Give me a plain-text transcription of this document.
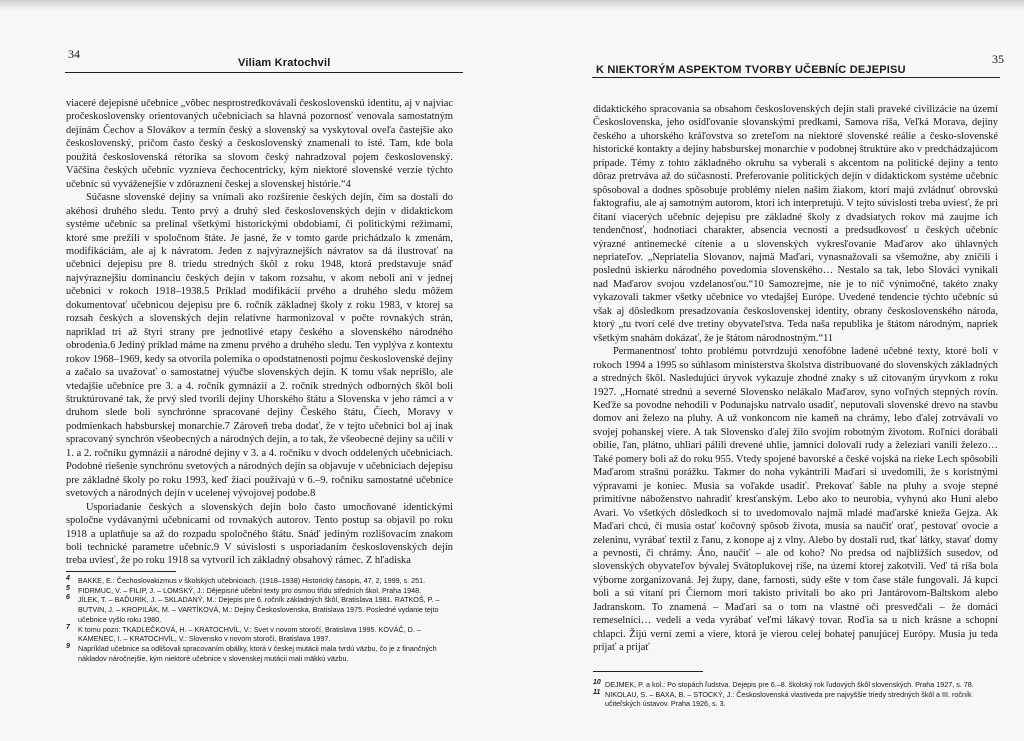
34
Viliam Kratochvil

viaceré dejepisné učebnice „vôbec nesprostredkovávali československú identitu, aj v najviac pročeskoslovensky orientovaných učebniciach sa hlavná pozornosť venovala samostatným dejinám Čechov a Slovákov a termín český a slovenský sa vyskytoval oveľa častejšie ako československý, pričom často český a československý znamenali to isté. Tam, kde bola použitá československá rétorika sa slovom český nahradzoval pojem československý. Väčšina českých učebníc vyznieva čechocentricky, kým niektoré slovenské verzie týchto učebníc sú vyváženejšie v zdôraznení českej a slovenskej histórie.“4

Súčasne slovenské dejiny sa vnímali ako rozšírenie českých dejín, čím sa dostali do akéhosi druhého sledu. Tento prvý a druhý sled československých dejín v didaktickom systéme učebníc sa prelínal všetkými historickými obdobiami, či politickými režimami, ktoré sme prežili v spoločnom štáte. Je jasné, že v tomto garde prichádzalo k zmenám, modifikáciám, ale aj k návratom. Jeden z najvýraznejších návratov sa dá ilustrovať na učebnici dejepisu pre 8. triedu stredných škôl z roku 1948, ktorá predstavuje snáď najvýraznejšiu dominanciu českých dejín v takom rozsahu, v akom neboli ani v jednej učebnici v rokoch 1918–1938.5 Príklad modifikácií prvého a druhého sledu môžem dokumentovať učebnicou dejepisu pre 6. ročník základnej školy z roku 1983, v ktorej sa rozsah českých a slovenských dejín relatívne harmonizoval v počte rovnakých strán, napriklad tri až štyri strany pre jednotlivé etapy českého a slovenského národného obrodenia.6 Jediný príklad máme na zmenu prvého a druhého sledu. Ten vyplýva z kontextu rokov 1968–1969, kedy sa otvorila polemika o opodstatnenosti pojmu československé dejiny a začalo sa uvažovať o samostatnej výučbe slovenských dejín. K tomu však neprišlo, ale vtedajšie učebnice pre 3. a 4. ročník gymnázií a 2. ročník stredných odborných škôl boli štruktúrované tak, že prvý sled tvorili dejiny Uhorského štátu a Slovenska v jeho rámci a v druhom slede boli synchrónne spracované dejiny Českého štátu, Čiech, Moravy v podmienkach habsburskej monarchie.7 Zároveň treba dodať, že v tejto učebnici bol aj inak spracovaný synchrón všeobecných a národných dejín, a to tak, že všeobecné dejiny sa učili v 1. a 2. ročníku gymnázií a národné dejiny v 3. a 4. ročníku v dvoch oddelených učebniciach. Podobné riešenie synchrónu svetových a národných dejín sa objavuje v učebniciach dejepisu pre základné školy po roku 1993, keď žiaci používajú v 6.–9. ročníku samostatné učebnice svetových a národných dejín v ucelenej vývojovej podobe.8

Usporiadanie českých a slovenských dejín bolo často umocňované identickými spoločne vydávanými učebnicami od rovnakých autorov. Tento postup sa objavil po roku 1918 a uplatňuje sa až do rozpadu spoločného štátu. Snáď jediným rozlišovacím znakom boli technické parametre učebníc.9 V súvislosti s usporiadaním československých dejín treba uviesť, že po roku 1918 sa vytvoril ich základný obsahový rámec. Z hľadiska

4 BAKKE, E.: Čechoslovakizmus v školských učebniciach. (1918–1938) Historický časopis, 47, 2, 1999, s. 251.
5 FIDRMUC, V. – FILIP, J. – LOMSKÝ, J.: Dějepisné učební texty pro osmou třídu středních škol. Praha 1948.
6 JÍLEK, T. – BAĎURÍK, J. – SKLADANÝ, M.: Dejepis pre 6. ročník základných škôl, Bratislava 1981. RATKOŠ, P. – BUTVIN, J. – KROPILÁK, M. – VARTÍKOVÁ, M.: Dejiny Československa, Bratislava 1975. Posledné vydanie tejto učebnice vyšlo roku 1980.
7 K tomu pozri: TKADLEČKOVÁ, H. – KRATOCHVÍL, V.: Svet v novom storočí, Bratislava 1995. KOVÁČ, D. – KAMENEC, I. – KRATOCHVÍL, V.: Slovensko v novom storočí, Bratislava 1997.
9 Napríklad učebnice sa odlišovali spracovaním obálky, ktorá v českej mutácii mala tvrdú väzbu, čo je z finančných nákladov náročnejšie, kým niektoré učebnice v slovenskej mutácii mali mäkkú väzbu.
35
K NIEKTORÝM ASPEKTOM TVORBY UČEBNÍC DEJEPISU

didaktického spracovania sa obsahom československých dejín stali praveké civilizácie na území Československa, jeho osídľovanie slovanskými predkami, Samova ríša, Veľká Morava, dejiny českého a uhorského kráľovstva so zreteľom na niektoré slovenské reálie a česko-slovenské historické kontakty a dejiny habsburskej monarchie v podobnej štruktúre ako v predchádzajúcom prípade. Témy z tohto základného okruhu sa vyberali s akcentom na politické dejiny a tento dôraz pretrváva až do súčasnosti. Preferovanie politických dejín v didaktickom systéme učebníc spôsoboval a dodnes spôsobuje problémy nielen našim žiakom, ktorí majú zvládnuť obrovskú faktografiu, ale aj samotným autorom, ktorí ich interpretujú. V tejto súvislosti treba uviesť, že pri čítaní viacerých učebníc dejepisu pre základné školy z dvadsiatych rokov má zaujme ich tendenčnosť, hodnotiaci charakter, absencia vecnosti a predsudkovosť u českých učebníc výrazné antinemecké cítenie a u slovenských vykresľovanie Maďarov ako úhlavných nepriateľov. „Nepriatelia Slovanov, najmä Maďari, vynasnažovali sa všemožne, aby zničili i poslednú iskierku národného povedomia slovenského… Nestalo sa tak, lebo Slováci vynikali nad Maďarov svojou vzdelanosťou.“10 Samozrejme, nie je to nič výnimočné, takéto znaky vykazovali takmer všetky učebnice vo vtedajšej Európe. Uvedené tendencie týchto učebníc sú však aj dôsledkom presadzovania československej identity, obrany československého národa, ktorý „tu tvorí celé dve tretiny obyvateľstva. Teda naša republika je štátom národným, napriek všetkým snahám dokázať, že je štátom národnostným.“11

Permanentnosť tohto problému potvrdzujú xenofóbne ladené učebné texty, ktoré boli v rokoch 1994 a 1995 so súhlasom ministerstva školstva distribuované do slovenských základných a stredných škôl. Nasledujúci úryvok vykazuje zhodné znaky s už citovaným úryvkom z roku 1927. „Hornaté strednú a severné Slovensko nelákalo Maďarov, syno voľných stepných rovín. Keďže sa povodne nehodili v Podunajsku natrvalo usadiť, neputovali slovenské drevo na stavbu domov ani železo na pluhy. A už vonkoncom nie kameň na chrámy, lebo ďalej zotrvávali vo svojej pohanskej viere. A tak Slovensko ďalej žilo svojím robotným životom. Roľníci dorábali obilie, ľan, plátno, uhliari pálili drevené uhlie, jamníci dolovali rudy a železiari vanili železo… Také pomery boli až do roku 955. Vtedy spojené bavorské a české vojská na rieke Lech spôsobili Maďarom strašnú porážku. Takmer do noha vykántrili Maďari si uvedomili, že s koristnými výpravami je koniec. Musia sa voľakde usadiť. Prekovať šable na pluhy a svoje stepné primitívne náboženstvo nahradiť kresťanským. Lebo ako to neurobia, vyhynú ako Huni alebo Avari. Vo všetkých dôsledkoch si to uvedomovalo najmä mladé maďarské knieža Gejza. Ak Maďari chcú, či musia ostať kočovný spôsob života, musia sa naučiť orať, pestovať ovocie a zeleninu, vyrábať textil z ľanu, z konope aj z vlny. Alebo by dostali rud, tkať látky, stavať domy a pevnosti, či chrámy. Áno, naučiť – ale od koho? No predsa od najbližších susedov, od slovenských obyvateľov bývalej Svätoplukovej ríše, na území ktorej zakotvili. Veď tá ríša bola výborne zorganizovaná. Jej župy, dane, farnosti, súdy ešte v tom čase stále fungovali. Já kupci boli a sú vítaní pri Čiernom mori takisto privítali bo ako pri Jantárovom-Baltskom alebo Jadranskom. To znamená – Maďari sa o tom na vlastné oči presvedčali – že domáci remeselníci… vedeli a veda vyrábať veľmi lákavý tovar. Roďia sa u nich krásne a schopní chlapci. Žijú verní zemi a viere, ktorá je vierou celej bohatej panujúcej Európy. Musia ju teda prijať a prijať

10 DEJMEK, P. a kol.: Po stopách ľudstva. Dejepis pre 6.–8. školský rok ľudových škôl slovenských. Praha 1927, s. 78.
11 NIKOLAU, S. – BAXA, B. – STOCKÝ, J.: Československá vlastiveda pre najvyššie triedy stredných škôl a III. ročník učiteľských ústavov. Praha 1926, s. 3.
